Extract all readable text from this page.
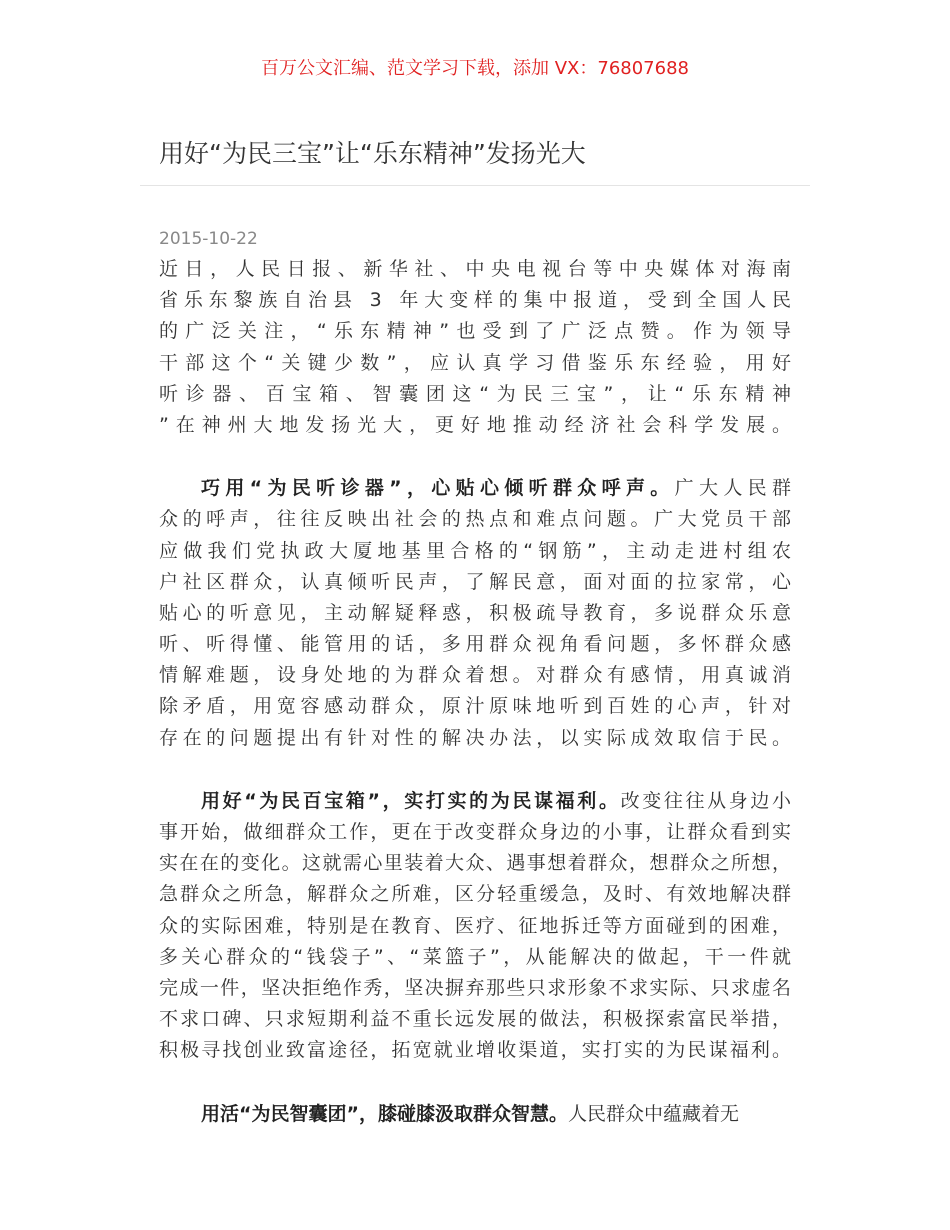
百万公文汇编、范文学习下载，添加 VX：76807688
用好“为民三宝”让“乐东精神”发扬光大
2015-10-22
近日，人民日报、新华社、中央电视台等中央媒体对海南
省乐东黎族自治县 3 年大变样的集中报道，受到全国人民
的广泛关注，“乐东精神”也受到了广泛点赞。作为领导
干部这个“关键少数”，应认真学习借鉴乐东经验，用好
听诊器、百宝箱、智囊团这“为民三宝”，让“乐东精神
”在神州大地发扬光大，更好地推动经济社会科学发展。
巧用“为民听诊器”，心贴心倾听群众呼声。广大人民群
众的呼声，往往反映出社会的热点和难点问题。广大党员干部
应做我们党执政大厦地基里合格的“钢筋”，主动走进村组农
户社区群众，认真倾听民声，了解民意，面对面的拉家常，心
贴心的听意见，主动解疑释惑，积极疏导教育，多说群众乐意
听、听得懂、能管用的话，多用群众视角看问题，多怀群众感
情解难题，设身处地的为群众着想。对群众有感情，用真诚消
除矛盾，用宽容感动群众，原汁原味地听到百姓的心声，针对
存在的问题提出有针对性的解决办法，以实际成效取信于民。
用好“为民百宝箱”，实打实的为民谋福利。改变往往从身边小
事开始，做细群众工作，更在于改变群众身边的小事，让群众看到实
实在在的变化。这就需心里装着大众、遇事想着群众，想群众之所想，
急群众之所急，解群众之所难，区分轻重缓急，及时、有效地解决群
众的实际困难，特别是在教育、医疗、征地拆迁等方面碰到的困难，
多关心群众的“钱袋子”、“菜篮子”，从能解决的做起，干一件就
完成一件，坚决拒绝作秀，坚决摒弃那些只求形象不求实际、只求虚名
不求口碑、只求短期利益不重长远发展的做法，积极探索富民举措，
积极寻找创业致富途径，拓宽就业增收渠道，实打实的为民谋福利。
用活“为民智囊团”，膝碰膝汲取群众智慧。人民群众中蕴藏着无
